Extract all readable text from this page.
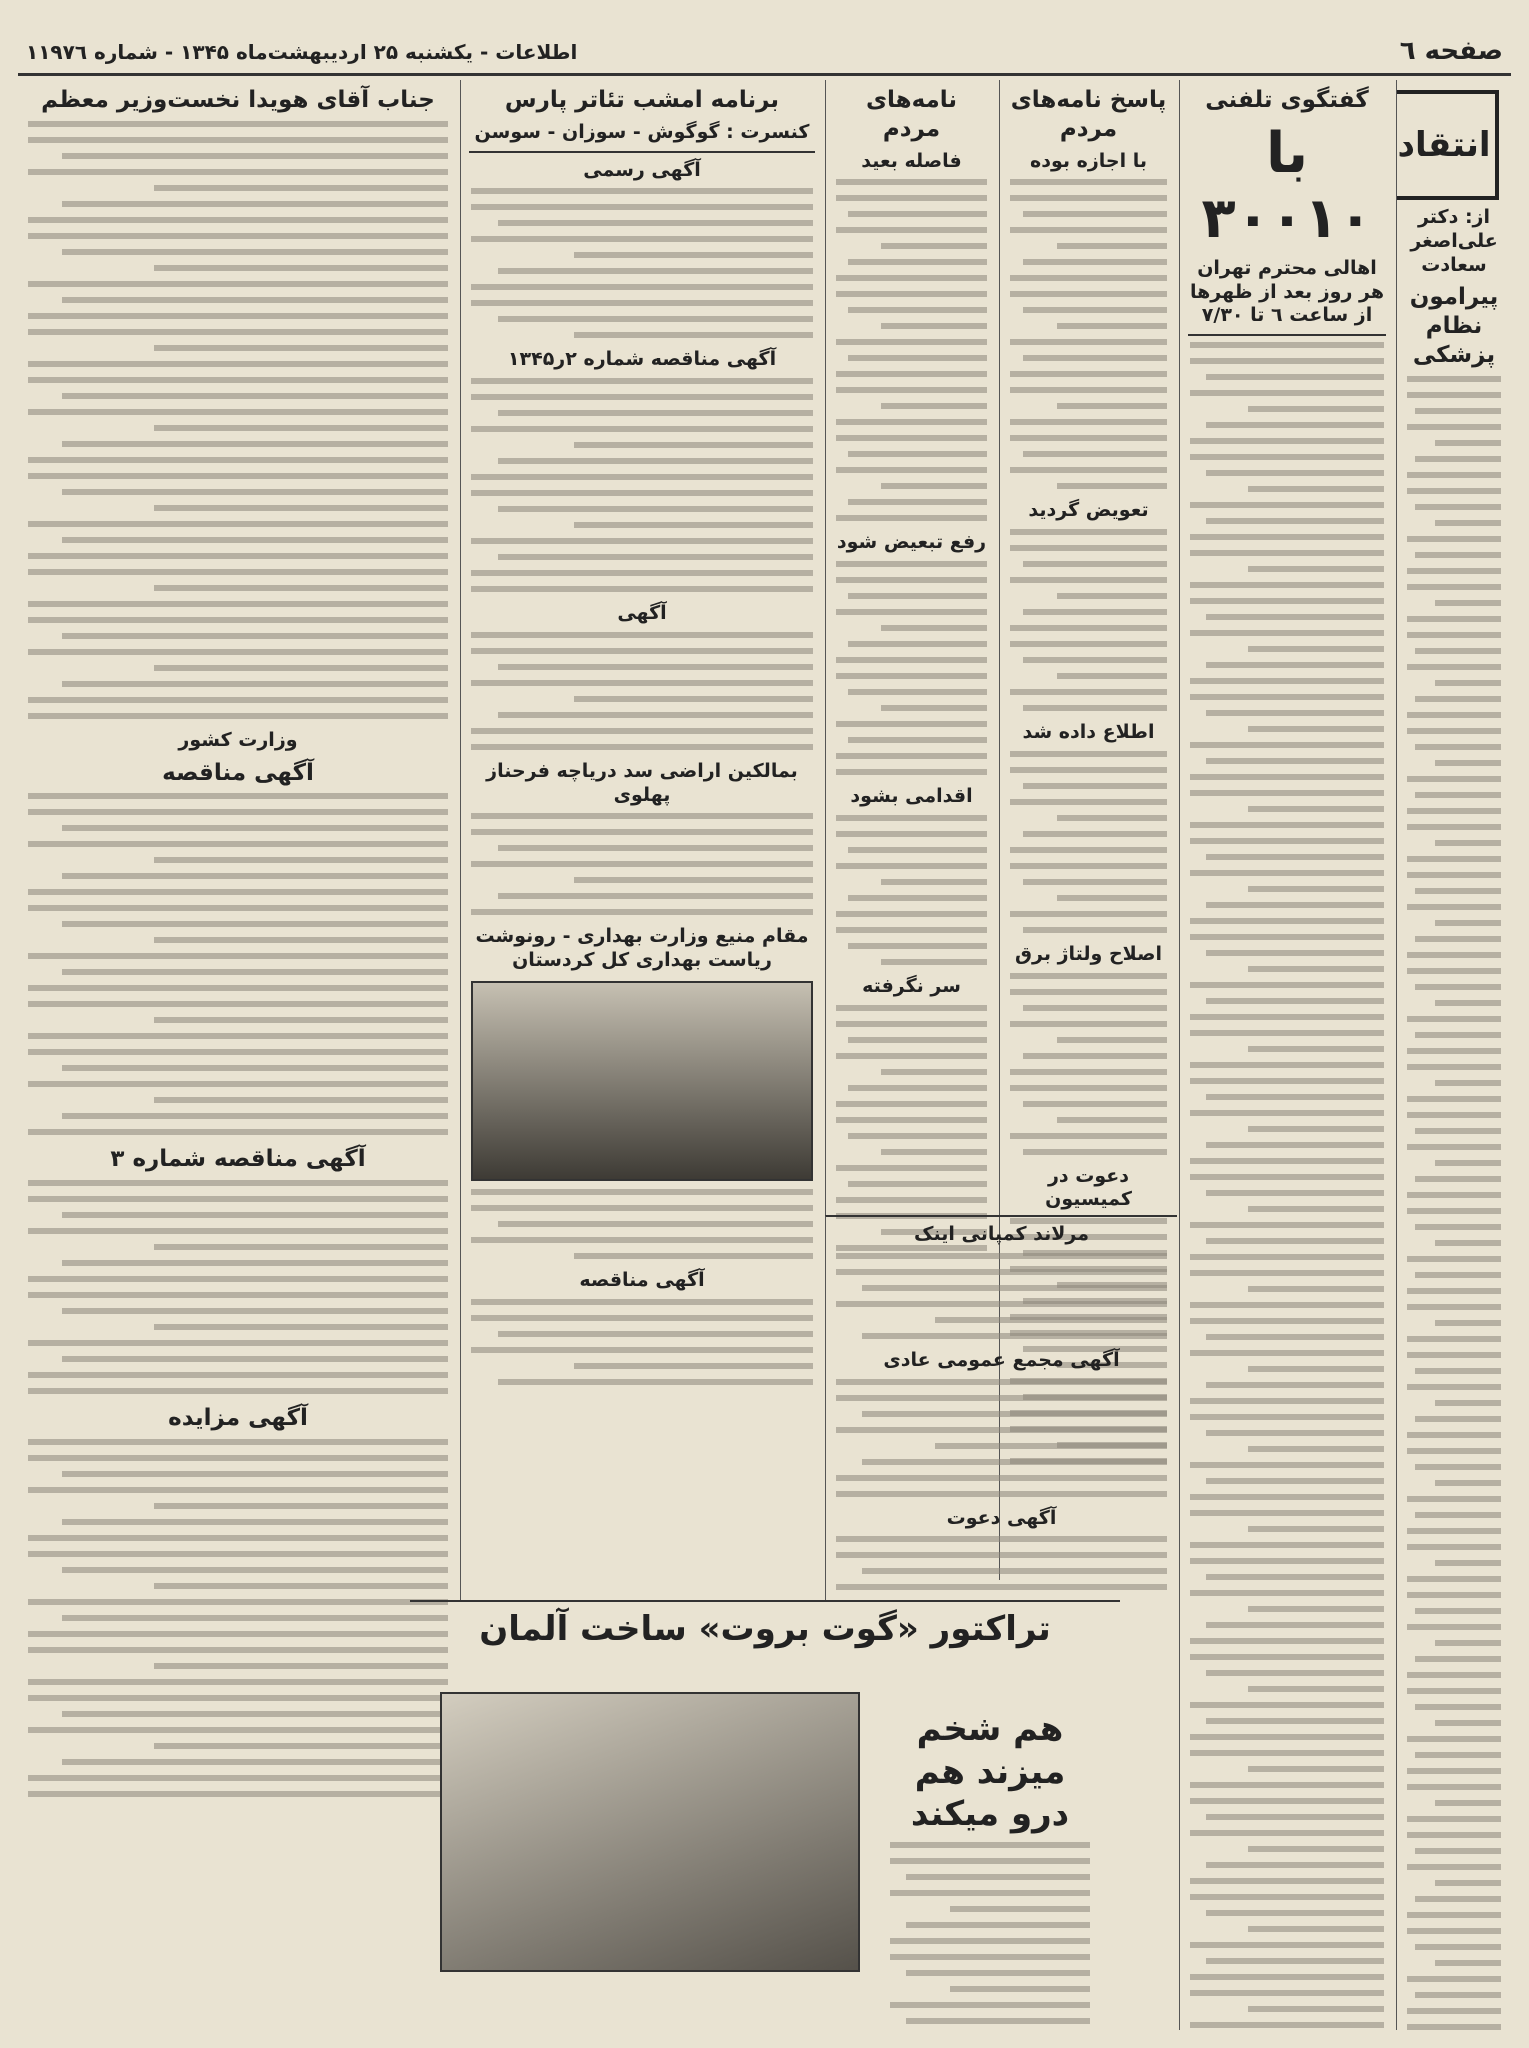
صفحه ٦
اطلاعات - یکشنبه ۲۵ اردیبهشت‌ماه ۱۳۴۵ - شماره ۱۱۹۷٦
انتقاد
از: دکتر علی‌اصغر سعادت
پیرامون نظام پزشکی
گفتگوی تلفنی
با ۳۰۰۱۰
اهالی محترم تهران هر روز بعد از ظهرها از ساعت ٦ تا ۷/۳۰
پاسخ نامه‌های مردم
با اجازه بوده
تعویض گردید
اطلاع داده شد
اصلاح ولتاژ برق
دعوت در کمیسیون
نامه‌های مردم
فاصله بعید
رفع تبعیض شود
اقدامی بشود
سر نگرفته
مرلاند کمپانی اینک
آگهی مجمع عمومی عادی
آگهی دعوت
برنامه امشب تئاتر پارس
کنسرت : گوگوش - سوزان - سوسن
آگهی رسمی
آگهی مناقصه شماره ۲ر۱۳۴۵
آگهی
بمالکین اراضی سد دریاچه فرحناز پهلوی
مقام منیع وزارت بهداری - رونوشت ریاست بهداری کل کردستان
آگهی مناقصه
جناب آقای هویدا نخست‌وزیر معظم
وزارت کشور
آگهی مناقصه
آگهی مناقصه شماره ۳
آگهی مزایده
تراکتور «گوت بروت» ساخت آلمان
هم شخم میزند هم درو میکند
